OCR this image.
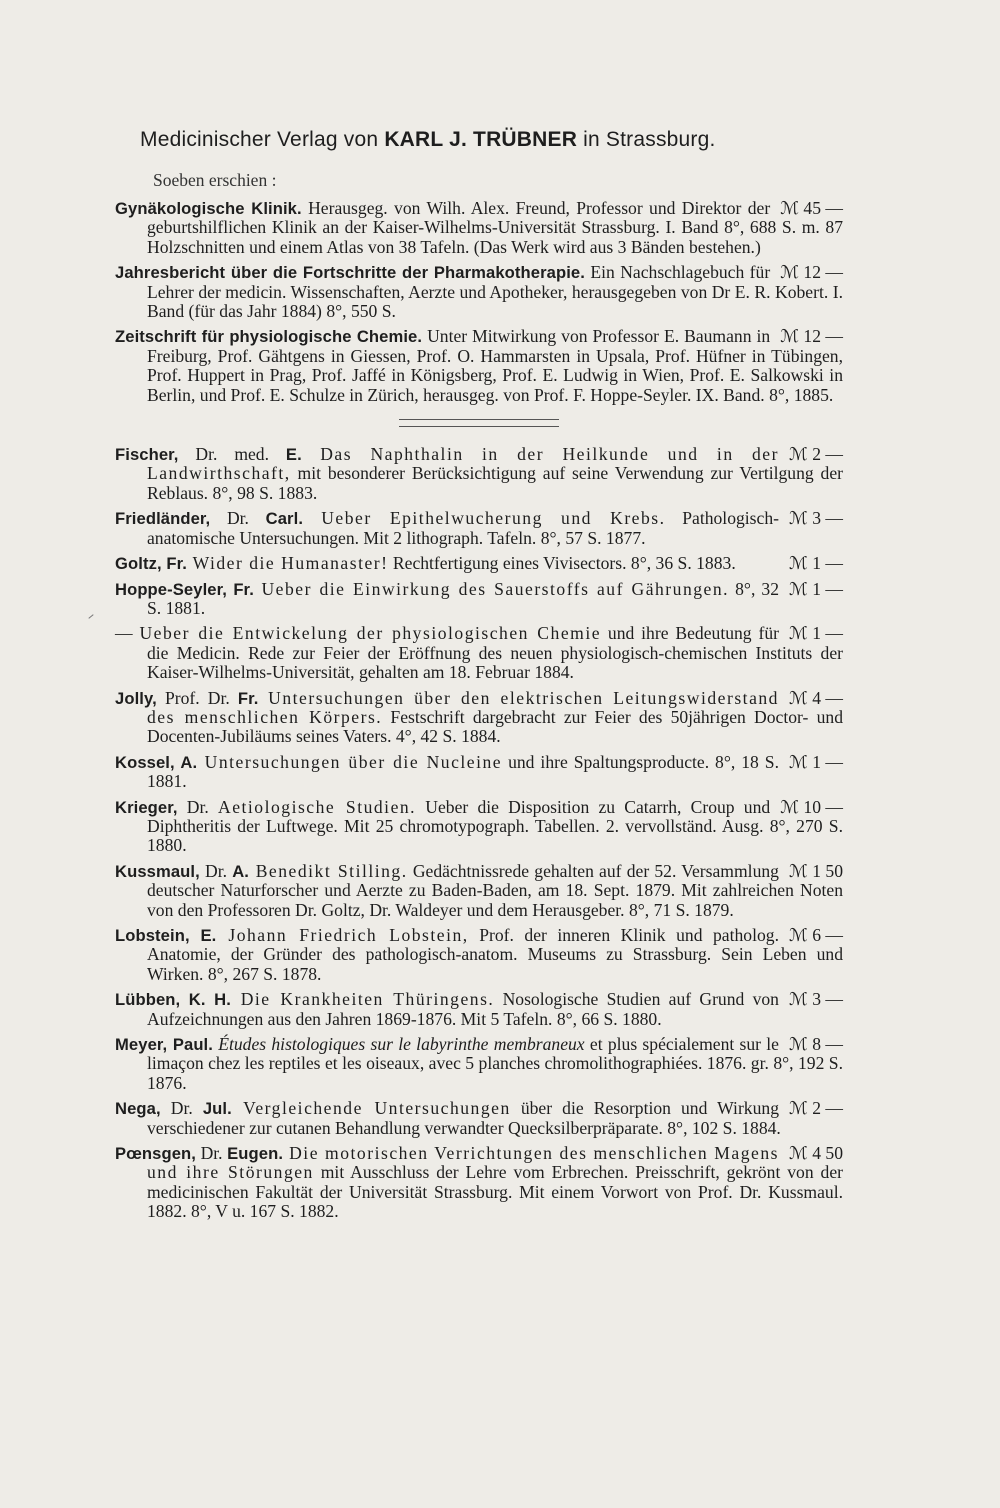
Medicinischer Verlag von KARL J. TRÜBNER in Strassburg.
Soeben erschien :
ℳ 45 —
Gynäkologische Klinik. Herausgeg. von Wilh. Alex. Freund, Professor und Direktor der geburtshilflichen Klinik an der Kaiser-Wilhelms-Universität Strassburg. I. Band 8°, 688 S. m. 87 Holzschnitten und einem Atlas von 38 Tafeln. (Das Werk wird aus 3 Bänden bestehen.)
ℳ 12 —
Jahresbericht über die Fortschritte der Pharmakotherapie. Ein Nachschlagebuch für Lehrer der medicin. Wissenschaften, Aerzte und Apotheker, herausgegeben von Dr E. R. Kobert. I. Band (für das Jahr 1884) 8°, 550 S.
ℳ 12 —
Zeitschrift für physiologische Chemie. Unter Mitwirkung von Professor E. Baumann in Freiburg, Prof. Gähtgens in Giessen, Prof. O. Hammarsten in Upsala, Prof. Hüfner in Tübingen, Prof. Huppert in Prag, Prof. Jaffé in Königsberg, Prof. E. Ludwig in Wien, Prof. E. Salkowski in Berlin, und Prof. E. Schulze in Zürich, herausgeg. von Prof. F. Hoppe-Seyler. IX. Band. 8°, 1885.
ℳ 2 —
Fischer, Dr. med. E. Das Naphthalin in der Heilkunde und in der Landwirthschaft, mit besonderer Berücksichtigung auf seine Verwendung zur Vertilgung der Reblaus. 8°, 98 S. 1883.
ℳ 3 —
Friedländer, Dr. Carl. Ueber Epithelwucherung und Krebs. Pathologisch-anatomische Untersuchungen. Mit 2 lithograph. Tafeln. 8°, 57 S. 1877.
ℳ 1 —
Goltz, Fr. Wider die Humanaster! Rechtfertigung eines Vivisectors. 8°, 36 S. 1883.
ℳ 1 —
Hoppe-Seyler, Fr. Ueber die Einwirkung des Sauerstoffs auf Gährungen. 8°, 32 S. 1881.
ℳ 1 —
— Ueber die Entwickelung der physiologischen Chemie und ihre Bedeutung für die Medicin. Rede zur Feier der Eröffnung des neuen physiologisch-chemischen Instituts der Kaiser-Wilhelms-Universität, gehalten am 18. Februar 1884.
ℳ 4 —
Jolly, Prof. Dr. Fr. Untersuchungen über den elektrischen Leitungswiderstand des menschlichen Körpers. Festschrift dargebracht zur Feier des 50jährigen Doctor- und Docenten-Jubiläums seines Vaters. 4°, 42 S. 1884.
ℳ 1 —
Kossel, A. Untersuchungen über die Nucleine und ihre Spaltungsproducte. 8°, 18 S. 1881.
ℳ 10 —
Krieger, Dr. Aetiologische Studien. Ueber die Disposition zu Catarrh, Croup und Diphtheritis der Luftwege. Mit 25 chromotypograph. Tabellen. 2. vervollständ. Ausg. 8°, 270 S. 1880.
ℳ 1 50
Kussmaul, Dr. A. Benedikt Stilling. Gedächtnissrede gehalten auf der 52. Versammlung deutscher Naturforscher und Aerzte zu Baden-Baden, am 18. Sept. 1879. Mit zahlreichen Noten von den Professoren Dr. Goltz, Dr. Waldeyer und dem Herausgeber. 8°, 71 S. 1879.
ℳ 6 —
Lobstein, E. Johann Friedrich Lobstein, Prof. der inneren Klinik und patholog. Anatomie, der Gründer des pathologisch-anatom. Museums zu Strassburg. Sein Leben und Wirken. 8°, 267 S. 1878.
ℳ 3 —
Lübben, K. H. Die Krankheiten Thüringens. Nosologische Studien auf Grund von Aufzeichnungen aus den Jahren 1869-1876. Mit 5 Tafeln. 8°, 66 S. 1880.
ℳ 8 —
Meyer, Paul. Études histologiques sur le labyrinthe membraneux et plus spécialement sur le limaçon chez les reptiles et les oiseaux, avec 5 planches chromolithographiées. 1876. gr. 8°, 192 S. 1876.
ℳ 2 —
Nega, Dr. Jul. Vergleichende Untersuchungen über die Resorption und Wirkung verschiedener zur cutanen Behandlung verwandter Quecksilberpräparate. 8°, 102 S. 1884.
ℳ 4 50
Pœnsgen, Dr. Eugen. Die motorischen Verrichtungen des menschlichen Magens und ihre Störungen mit Ausschluss der Lehre vom Erbrechen. Preisschrift, gekrönt von der medicinischen Fakultät der Universität Strassburg. Mit einem Vorwort von Prof. Dr. Kussmaul. 1882. 8°, V u. 167 S. 1882.
